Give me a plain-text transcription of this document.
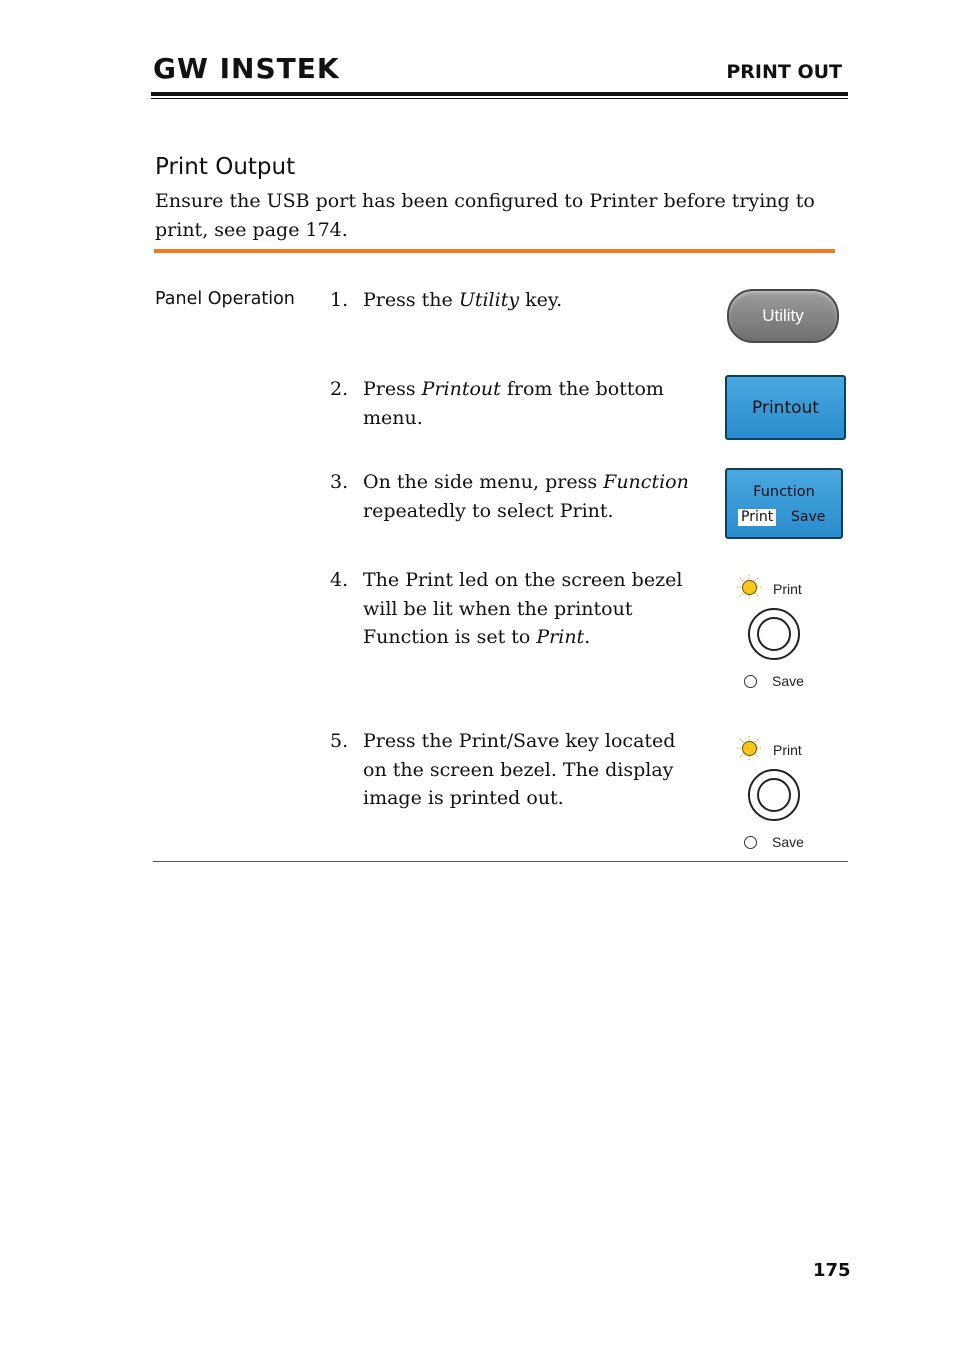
GW INSTEK	PRINT OUT
Print Output
Ensure the USB port has been configured to Printer before trying to print, see page 174.
Panel Operation 1. Press the Utility key.
2. Press Printout from the bottom menu.
3. On the side menu, press Function repeatedly to select Print.
4. The Print led on the screen bezel will be lit when the printout Function is set to Print.
5. Press the Print/Save key located on the screen bezel. The display image is printed out.
Utility
Printout
Function
Print Save
Print
Save
Print
Save
175
